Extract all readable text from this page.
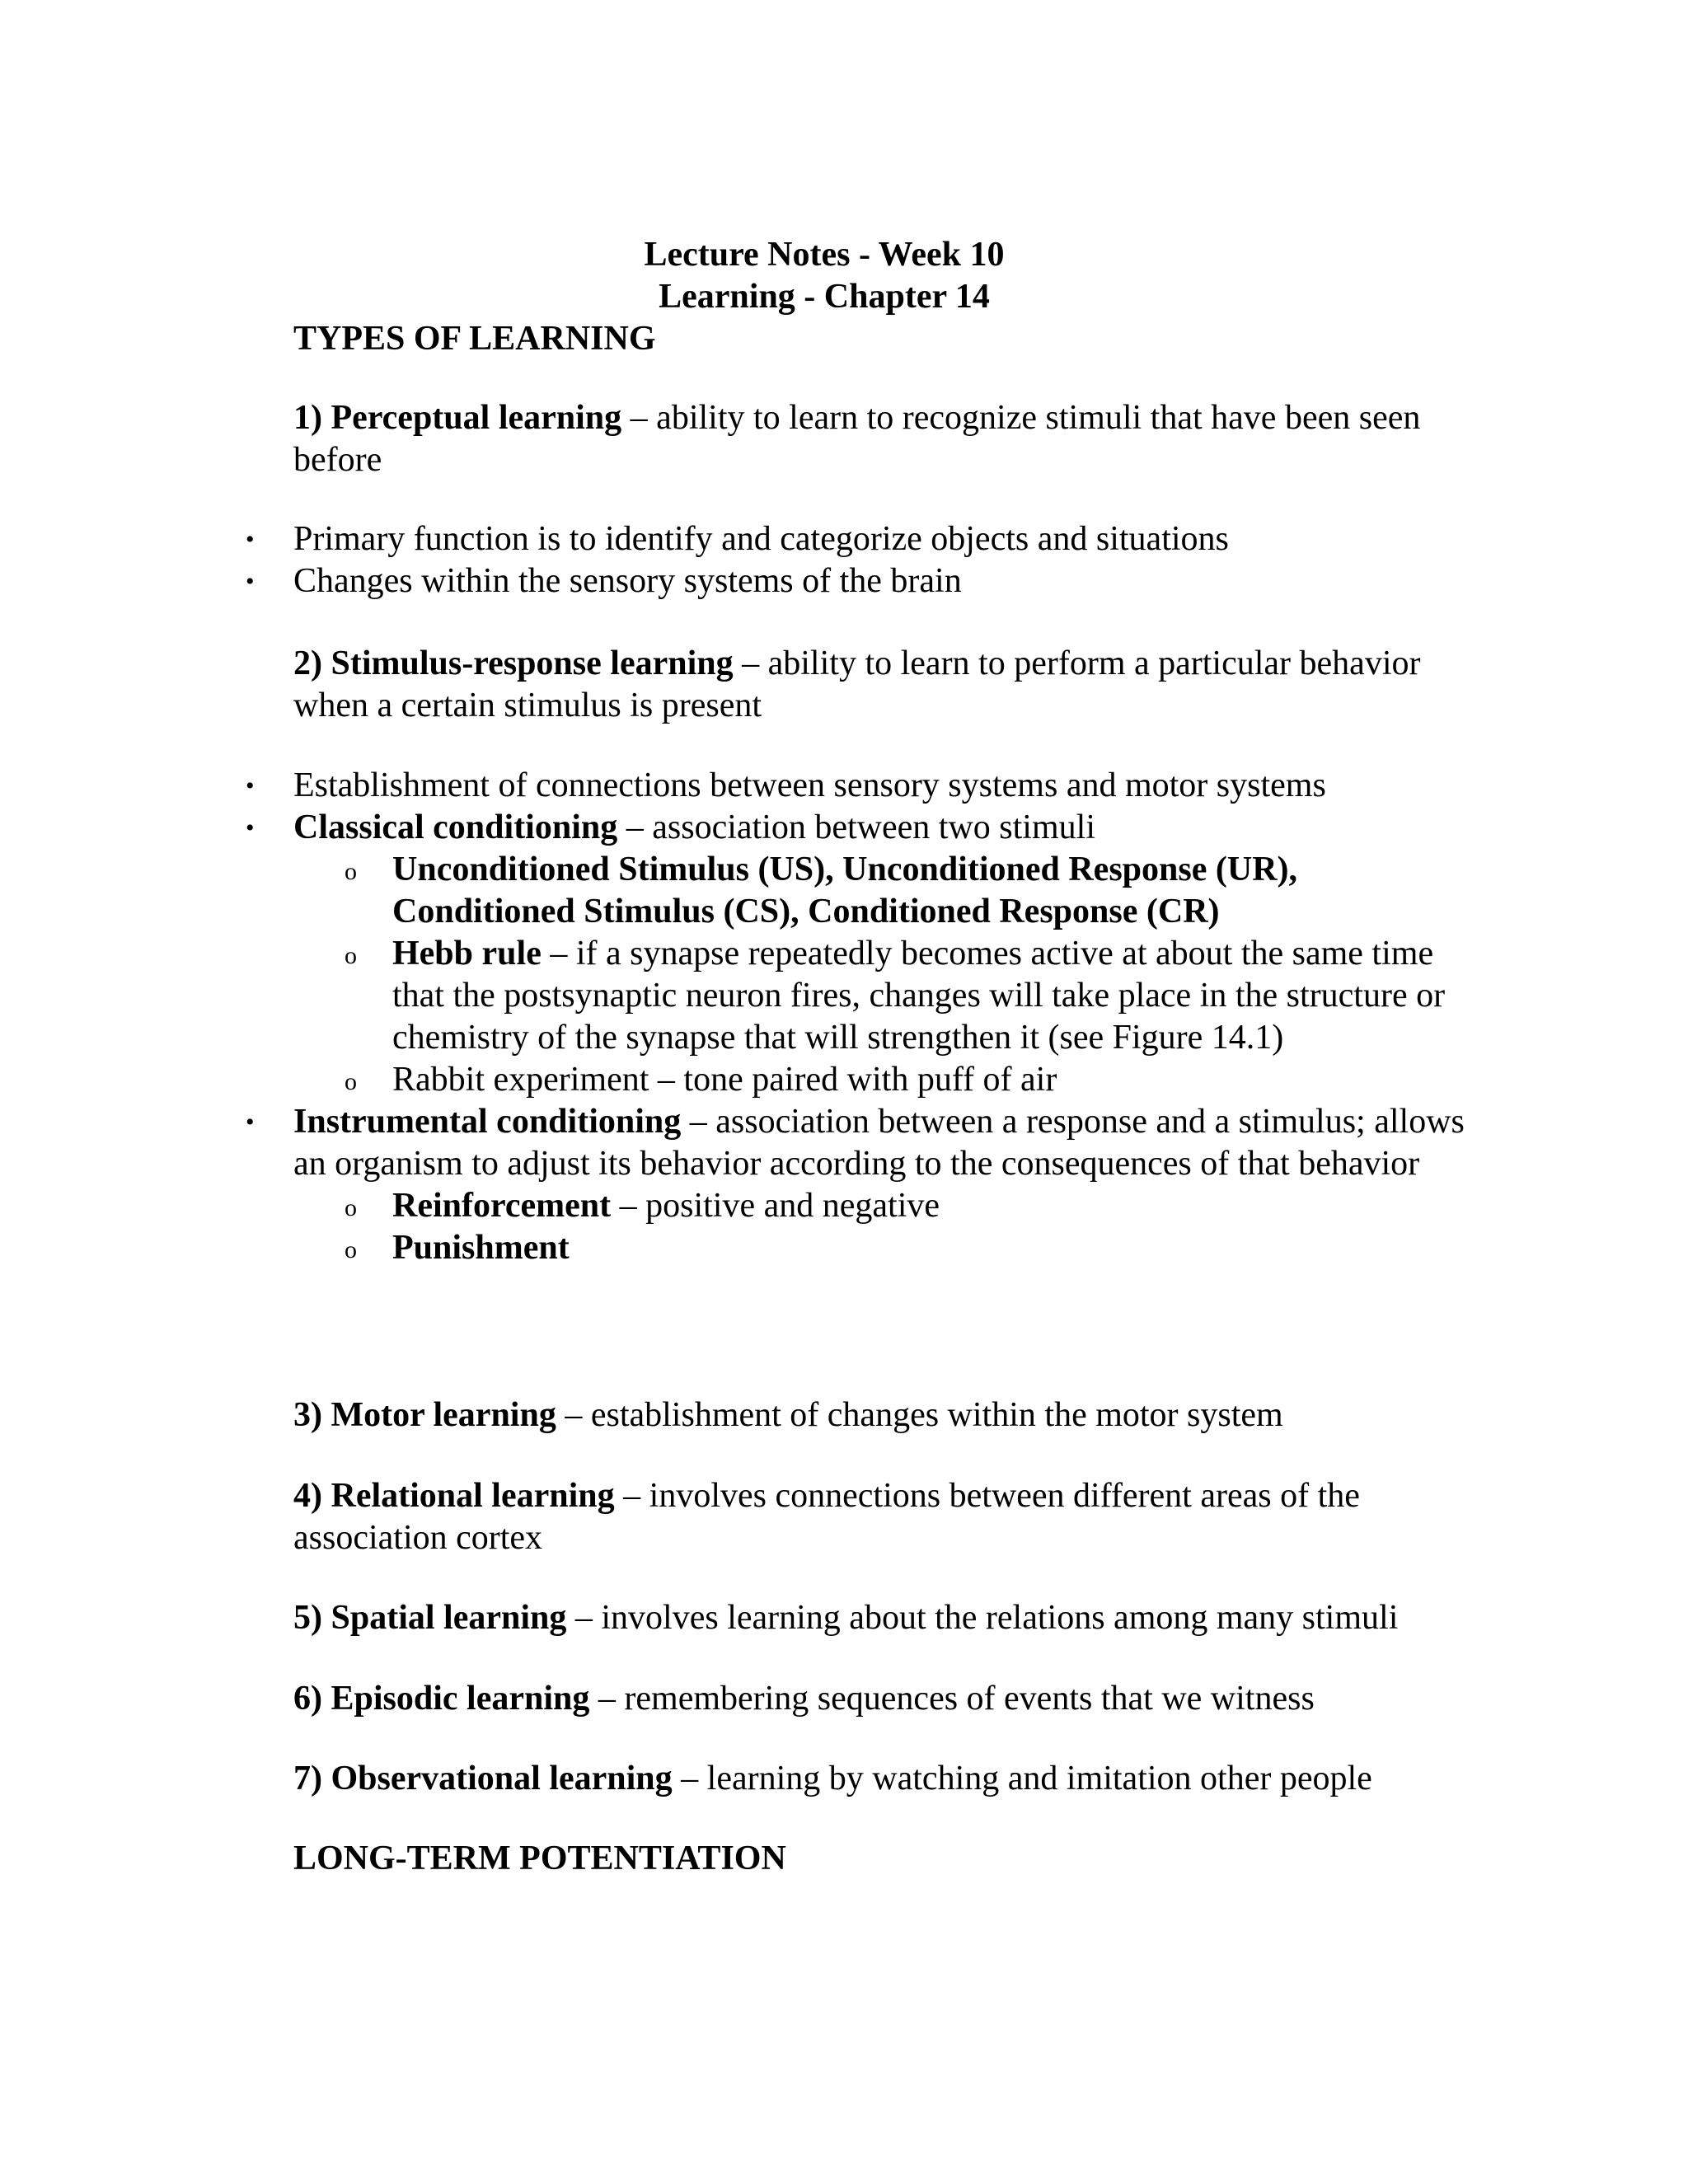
Lecture Notes - Week 10
Learning - Chapter 14
TYPES OF LEARNING
1) Perceptual learning – ability to learn to recognize stimuli that have been seen before
• Primary function is to identify and categorize objects and situations
• Changes within the sensory systems of the brain
2) Stimulus-response learning – ability to learn to perform a particular behavior when a certain stimulus is present
• Establishment of connections between sensory systems and motor systems
• Classical conditioning – association between two stimuli
o Unconditioned Stimulus (US), Unconditioned Response (UR), Conditioned Stimulus (CS), Conditioned Response (CR)
o Hebb rule – if a synapse repeatedly becomes active at about the same time that the postsynaptic neuron fires, changes will take place in the structure or chemistry of the synapse that will strengthen it (see Figure 14.1)
o Rabbit experiment – tone paired with puff of air
• Instrumental conditioning – association between a response and a stimulus; allows an organism to adjust its behavior according to the consequences of that behavior
o Reinforcement – positive and negative
o Punishment
3) Motor learning – establishment of changes within the motor system
4) Relational learning – involves connections between different areas of the association cortex
5) Spatial learning – involves learning about the relations among many stimuli
6) Episodic learning – remembering sequences of events that we witness
7) Observational learning – learning by watching and imitation other people
LONG-TERM POTENTIATION
